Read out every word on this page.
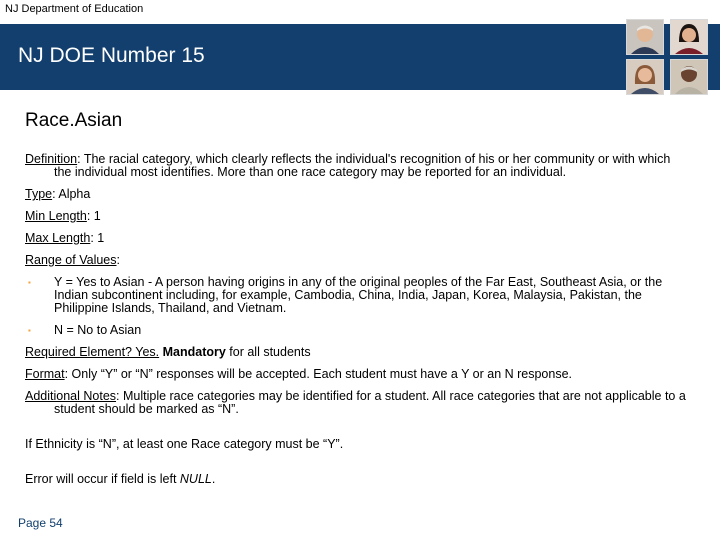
NJ Department of Education
NJ DOE Number 15
Race.Asian

Definition: The racial category, which clearly reflects the individual's recognition of his or her community or with which the individual most identifies. More than one race category may be reported for an individual.

Type: Alpha

Min Length: 1

Max Length: 1

Range of Values:

▪ Y = Yes to Asian - A person having origins in any of the original peoples of the Far East, Southeast Asia, or the Indian subcontinent including, for example, Cambodia, China, India, Japan, Korea, Malaysia, Pakistan, the Philippine Islands, Thailand, and Vietnam.
▪ N = No to Asian

Required Element? Yes. Mandatory for all students

Format: Only “Y” or “N” responses will be accepted. Each student must have a Y or an N response.

Additional Notes: Multiple race categories may be identified for a student. All race categories that are not applicable to a student should be marked as “N”.

If Ethnicity is “N”, at least one Race category must be “Y”.

Error will occur if field is left NULL.

Page 54
